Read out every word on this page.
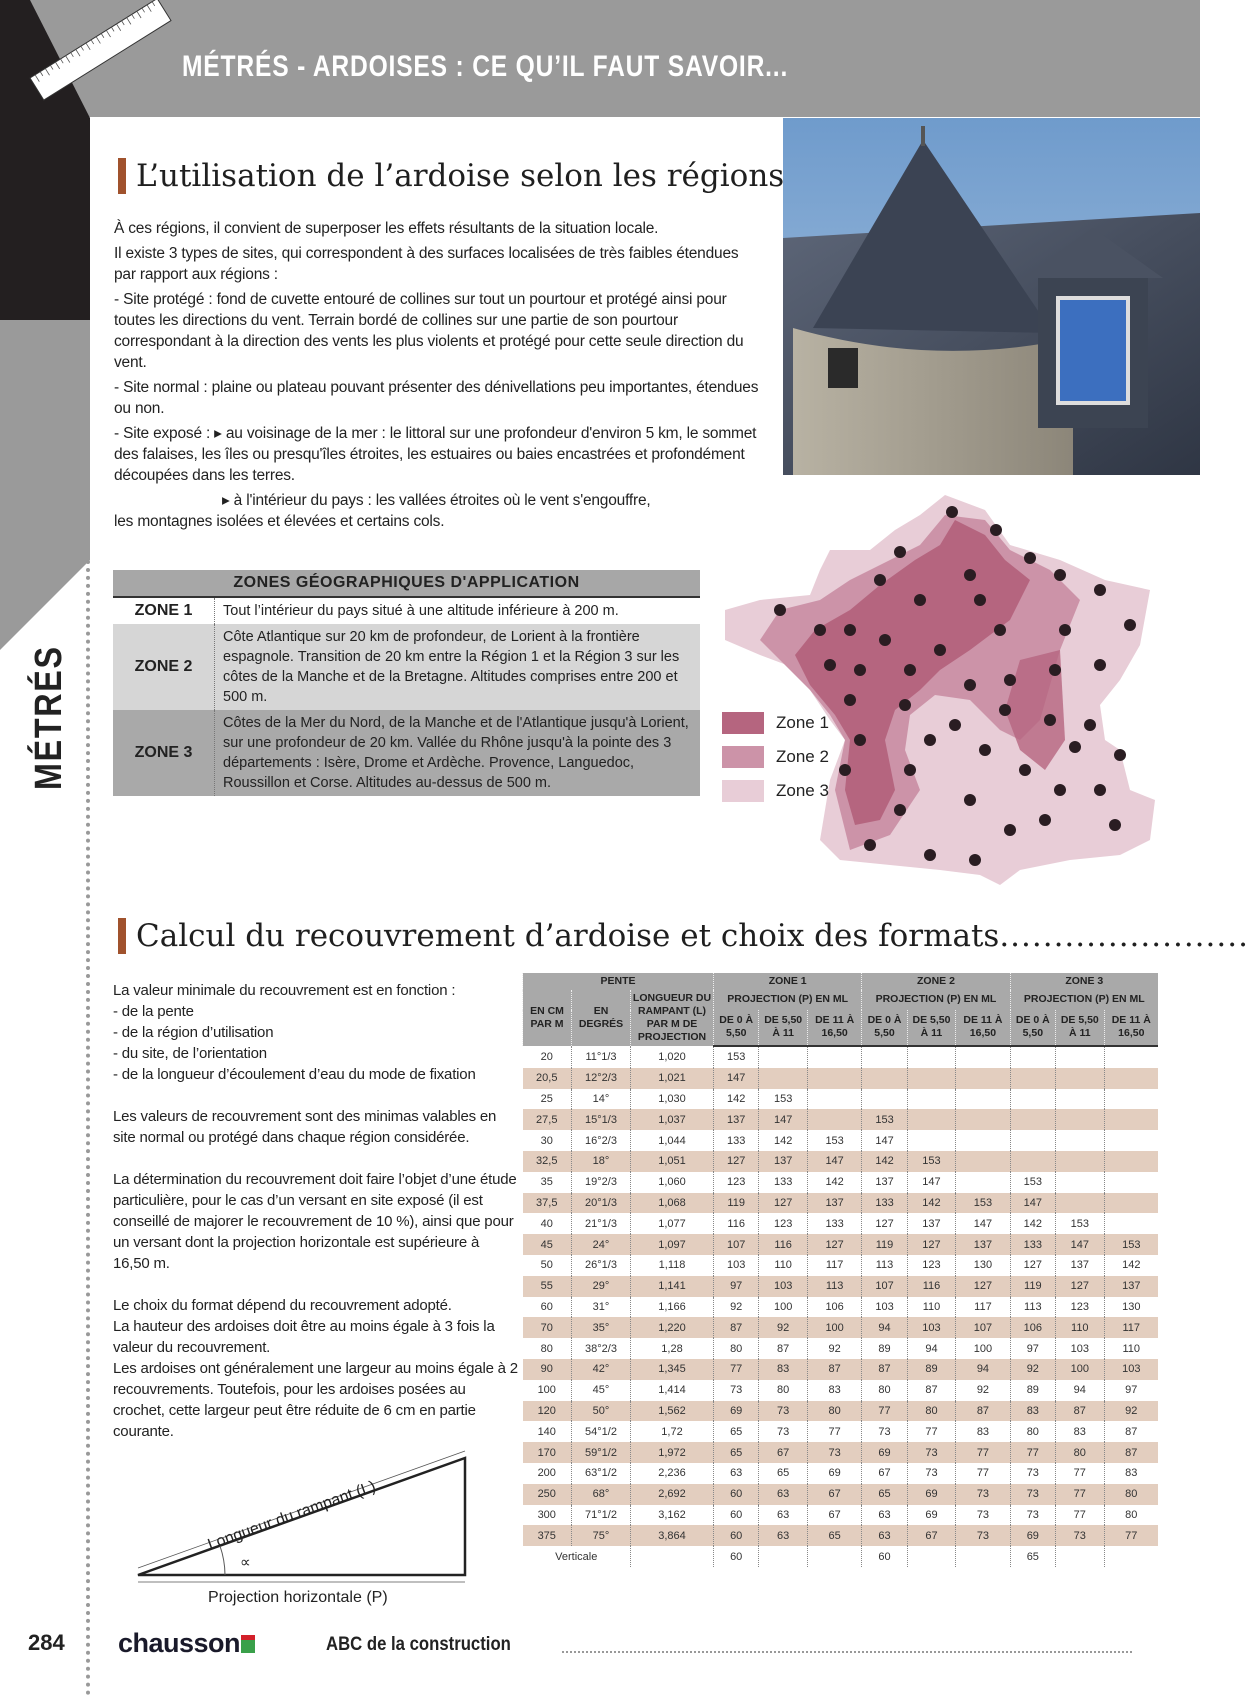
MÉTRÉS - ARDOISES : CE QU’IL FAUT SAVOIR...
MÉTRÉS
L’utilisation de l’ardoise selon les régions

À ces régions, il convient de superposer les effets résultants de la situation locale.

Il existe 3 types de sites, qui correspondent à des surfaces localisées de très faibles étendues par rapport aux régions :

- Site protégé : fond de cuvette entouré de collines sur tout un pourtour et protégé ainsi pour toutes les directions du vent. Terrain bordé de collines sur une partie de son pourtour correspondant à la direction des vents les plus violents et protégé pour cette seule direction du vent.

- Site normal : plaine ou plateau pouvant présenter des dénivellations peu importantes, étendues ou non.

- Site exposé : ▸ au voisinage de la mer : le littoral sur une profondeur d'environ 5 km, le sommet des falaises, les îles ou presqu'îles étroites, les estuaires ou baies encastrées et profondément découpées dans les terres.

▸ à l'intérieur du pays : les vallées étroites où le vent s'engouffre,

les montagnes isolées et élevées et certains cols.

ZONES GÉOGRAPHIQUES D'APPLICATION	
ZONE 1	Tout l’intérieur du pays situé à une altitude inférieure à 200 m.
ZONE 2	Côte Atlantique sur 20 km de profondeur, de Lorient à la frontière espagnole. Transition de 20 km entre la Région 1 et la Région 3 sur les côtes de la Manche et de la Bretagne. Altitudes comprises entre 200 et 500 m.
ZONE 3	Côtes de la Mer du Nord, de la Manche et de l'Atlantique jusqu'à Lorient, sur une profondeur de 20 km. Vallée du Rhône jusqu'à la pointe des 3 départements : Isère, Drome et Ardèche. Provence, Languedoc, Roussillon et Corse. Altitudes au-dessus de 500 m.
Zone 1
Zone 2
Zone 3
Calcul du recouvrement d’ardoise et choix des formats.......................
La valeur minimale du recouvrement est en fonction :
- de la pente
- de la région d’utilisation
- du site, de l’orientation
- de la longueur d’écoulement d’eau du mode de fixation

Les valeurs de recouvrement sont des minimas valables en site normal ou protégé dans chaque région considérée.

La détermination du recouvrement doit faire l’objet d’une étude particulière, pour le cas d’un versant en site exposé (il est conseillé de majorer le recouvrement de 10 %), ainsi que pour un versant dont la projection horizontale est supérieure à 16,50 m.

Le choix du format dépend du recouvrement adopté.

La hauteur des ardoises doit être au moins égale à 3 fois la valeur du recouvrement.

Les ardoises ont généralement une largeur au moins égale à 2 recouvrements. Toutefois, pour les ardoises posées au crochet, cette largeur peut être réduite de 6 cm en partie courante.

∝
Longueur du rampant (L)
Projection horizontale (P)
PENTE			ZONE 1			ZONE 2			ZONE 3		
EN CM PAR M	EN DEGRÉS	LONGUEUR DU RAMPANT (L) PAR M DE PROJECTION	PROJECTION (P) EN ML			PROJECTION (P) EN ML			PROJECTION (P) EN ML		
			DE 0 À 5,50	DE 5,50 À 11	DE 11 À 16,50	DE 0 À 5,50	DE 5,50 À 11	DE 11 À 16,50	DE 0 À 5,50	DE 5,50 À 11	DE 11 À 16,50
20	11°1/3	1,020	153								
20,5	12°2/3	1,021	147								
25	14°	1,030	142	153							
27,5	15°1/3	1,037	137	147		153					
30	16°2/3	1,044	133	142	153	147					
32,5	18°	1,051	127	137	147	142	153				
35	19°2/3	1,060	123	133	142	137	147		153		
37,5	20°1/3	1,068	119	127	137	133	142	153	147		
40	21°1/3	1,077	116	123	133	127	137	147	142	153	
45	24°	1,097	107	116	127	119	127	137	133	147	153
50	26°1/3	1,118	103	110	117	113	123	130	127	137	142
55	29°	1,141	97	103	113	107	116	127	119	127	137
60	31°	1,166	92	100	106	103	110	117	113	123	130
70	35°	1,220	87	92	100	94	103	107	106	110	117
80	38°2/3	1,28	80	87	92	89	94	100	97	103	110
90	42°	1,345	77	83	87	87	89	94	92	100	103
100	45°	1,414	73	80	83	80	87	92	89	94	97
120	50°	1,562	69	73	80	77	80	87	83	87	92
140	54°1/2	1,72	65	73	77	73	77	83	80	83	87
170	59°1/2	1,972	65	67	73	69	73	77	77	80	87
200	63°1/2	2,236	63	65	69	67	73	77	73	77	83
250	68°	2,692	60	63	67	65	69	73	73	77	80
300	71°1/2	3,162	60	63	67	63	69	73	73	77	80
375	75°	3,864	60	63	65	63	67	73	69	73	77
Verticale			60			60			65		
284 chausson	ABC de la construction
